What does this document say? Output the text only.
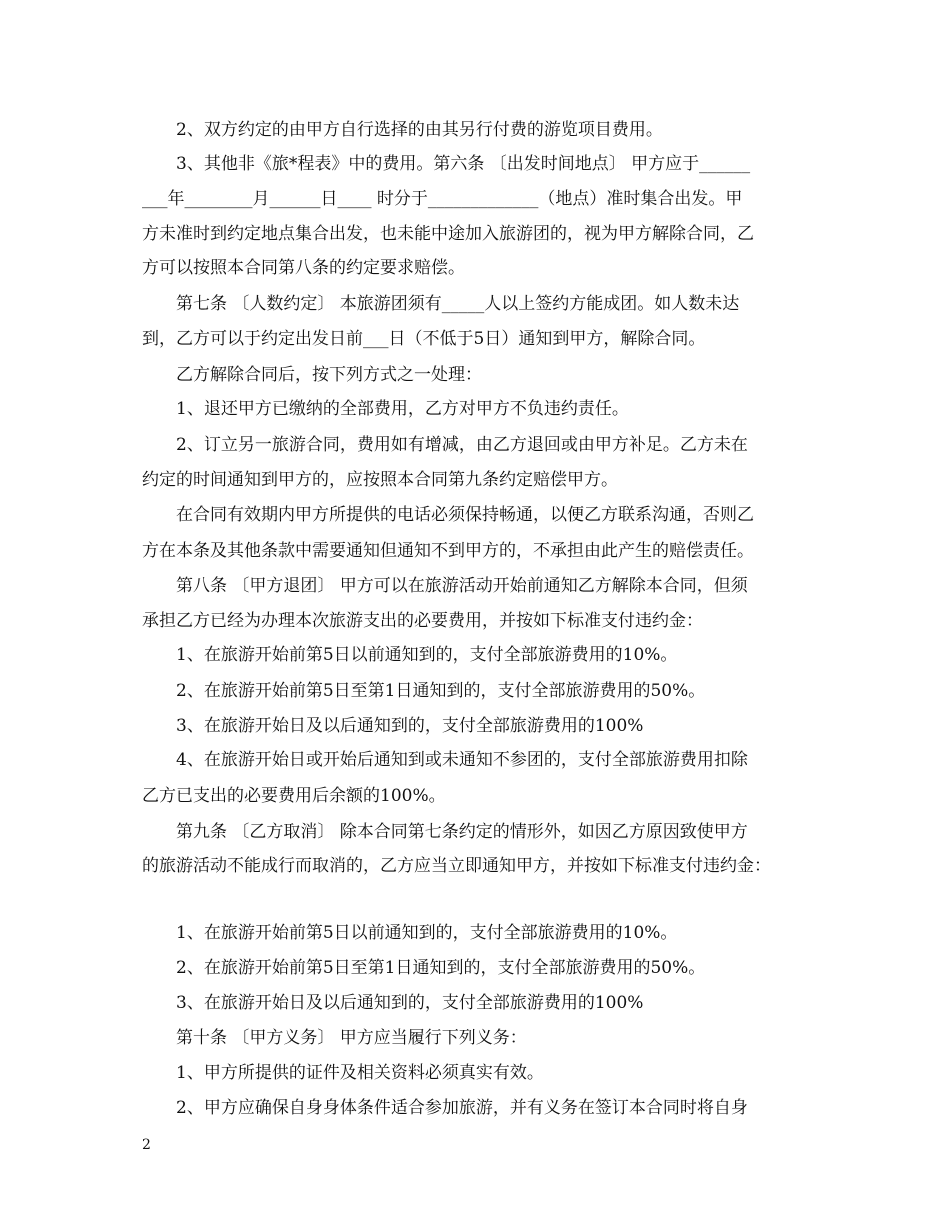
2、双方约定的由甲方自行选择的由其另行付费的游览项目费用。
3、其他非《旅*程表》中的费用。第六条 〔出发时间地点〕 甲方应于______
___年________月______日____ 时分于_____________（地点）准时集合出发。甲
方未准时到约定地点集合出发，也未能中途加入旅游团的，视为甲方解除合同，乙
方可以按照本合同第八条的约定要求赔偿。
第七条 〔人数约定〕 本旅游团须有_____人以上签约方能成团。如人数未达
到，乙方可以于约定出发日前___日（不低于5日）通知到甲方，解除合同。
乙方解除合同后，按下列方式之一处理：
1、退还甲方已缴纳的全部费用，乙方对甲方不负违约责任。
2、订立另一旅游合同，费用如有增减，由乙方退回或由甲方补足。乙方未在
约定的时间通知到甲方的，应按照本合同第九条约定赔偿甲方。
在合同有效期内甲方所提供的电话必须保持畅通，以便乙方联系沟通，否则乙
方在本条及其他条款中需要通知但通知不到甲方的，不承担由此产生的赔偿责任。
第八条 〔甲方退团〕 甲方可以在旅游活动开始前通知乙方解除本合同，但须
承担乙方已经为办理本次旅游支出的必要费用，并按如下标准支付违约金：
1、在旅游开始前第5日以前通知到的，支付全部旅游费用的10%。
2、在旅游开始前第5日至第1日通知到的，支付全部旅游费用的50%。
3、在旅游开始日及以后通知到的，支付全部旅游费用的100%
4、在旅游开始日或开始后通知到或未通知不参团的，支付全部旅游费用扣除
乙方已支出的必要费用后余额的100%。
第九条 〔乙方取消〕 除本合同第七条约定的情形外，如因乙方原因致使甲方
的旅游活动不能成行而取消的，乙方应当立即通知甲方，并按如下标准支付违约金：
1、在旅游开始前第5日以前通知到的，支付全部旅游费用的10%。
2、在旅游开始前第5日至第1日通知到的，支付全部旅游费用的50%。
3、在旅游开始日及以后通知到的，支付全部旅游费用的100%
第十条 〔甲方义务〕 甲方应当履行下列义务：
1、甲方所提供的证件及相关资料必须真实有效。
2、甲方应确保自身身体条件适合参加旅游，并有义务在签订本合同时将自身
2
